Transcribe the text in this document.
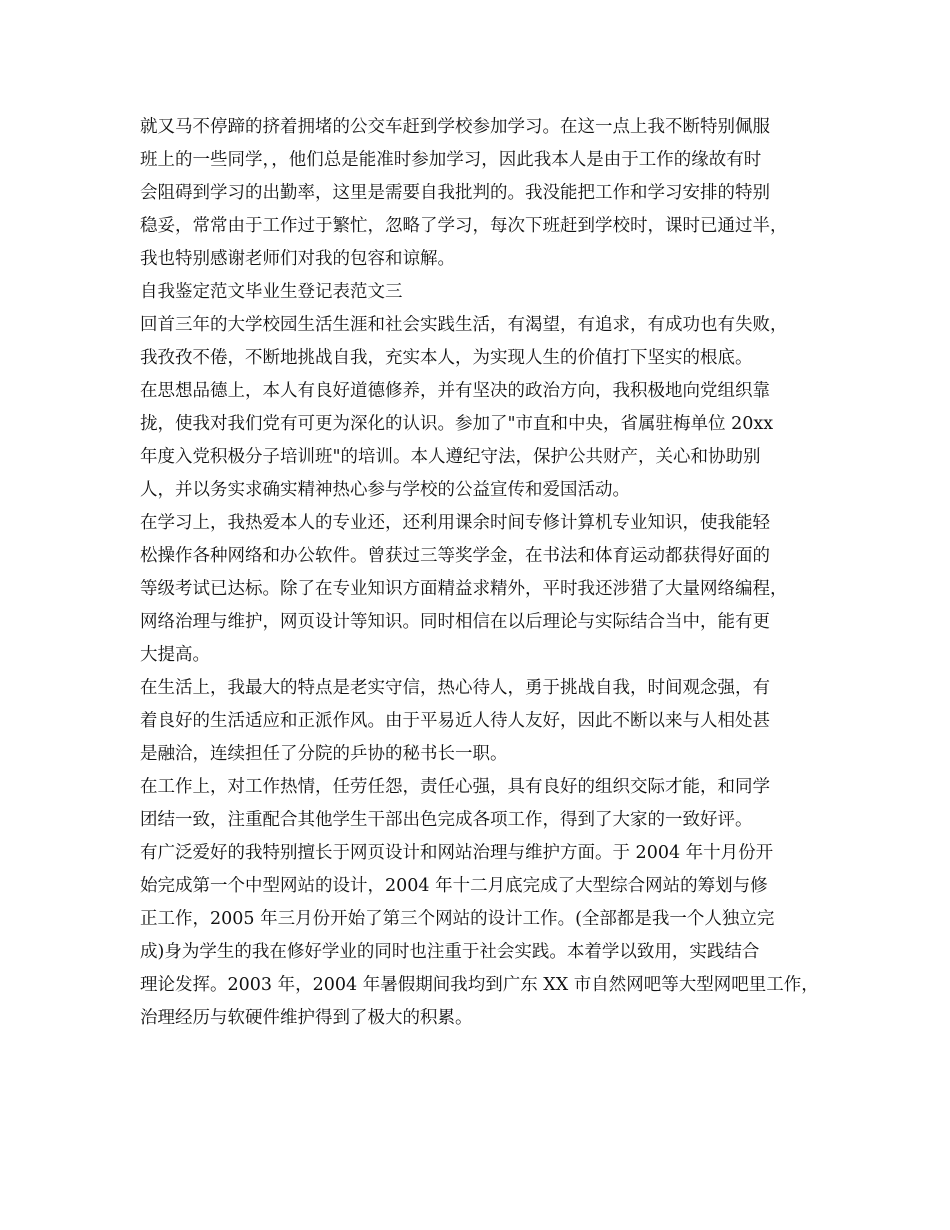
就又马不停蹄的挤着拥堵的公交车赶到学校参加学习。在这一点上我不断特别佩服
班上的一些同学，，他们总是能准时参加学习，因此我本人是由于工作的缘故有时
会阻碍到学习的出勤率，这里是需要自我批判的。我没能把工作和学习安排的特别
稳妥，常常由于工作过于繁忙，忽略了学习，每次下班赶到学校时，课时已通过半，
我也特别感谢老师们对我的包容和谅解。
自我鉴定范文毕业生登记表范文三
回首三年的大学校园生活生涯和社会实践生活，有渴望，有追求，有成功也有失败，
我孜孜不倦，不断地挑战自我，充实本人，为实现人生的价值打下坚实的根底。
在思想品德上，本人有良好道德修养，并有坚决的政治方向，我积极地向党组织靠
拢，使我对我们党有可更为深化的认识。参加了"市直和中央，省属驻梅单位 20xx
年度入党积极分子培训班"的培训。本人遵纪守法，保护公共财产，关心和协助别
人，并以务实求确实精神热心参与学校的公益宣传和爱国活动。
在学习上，我热爱本人的专业还，还利用课余时间专修计算机专业知识，使我能轻
松操作各种网络和办公软件。曾获过三等奖学金，在书法和体育运动都获得好面的
等级考试已达标。除了在专业知识方面精益求精外，平时我还涉猎了大量网络编程，
网络治理与维护，网页设计等知识。同时相信在以后理论与实际结合当中，能有更
大提高。
在生活上，我最大的特点是老实守信，热心待人，勇于挑战自我，时间观念强，有
着良好的生活适应和正派作风。由于平易近人待人友好，因此不断以来与人相处甚
是融洽，连续担任了分院的乒协的秘书长一职。
在工作上，对工作热情，任劳任怨，责任心强，具有良好的组织交际才能，和同学
团结一致，注重配合其他学生干部出色完成各项工作，得到了大家的一致好评。
有广泛爱好的我特别擅长于网页设计和网站治理与维护方面。于 2004 年十月份开
始完成第一个中型网站的设计，2004 年十二月底完成了大型综合网站的筹划与修
正工作，2005 年三月份开始了第三个网站的设计工作。(全部都是我一个人独立完
成)身为学生的我在修好学业的同时也注重于社会实践。本着学以致用，实践结合
理论发挥。2003 年，2004 年暑假期间我均到广东 XX 市自然网吧等大型网吧里工作，
治理经历与软硬件维护得到了极大的积累。
